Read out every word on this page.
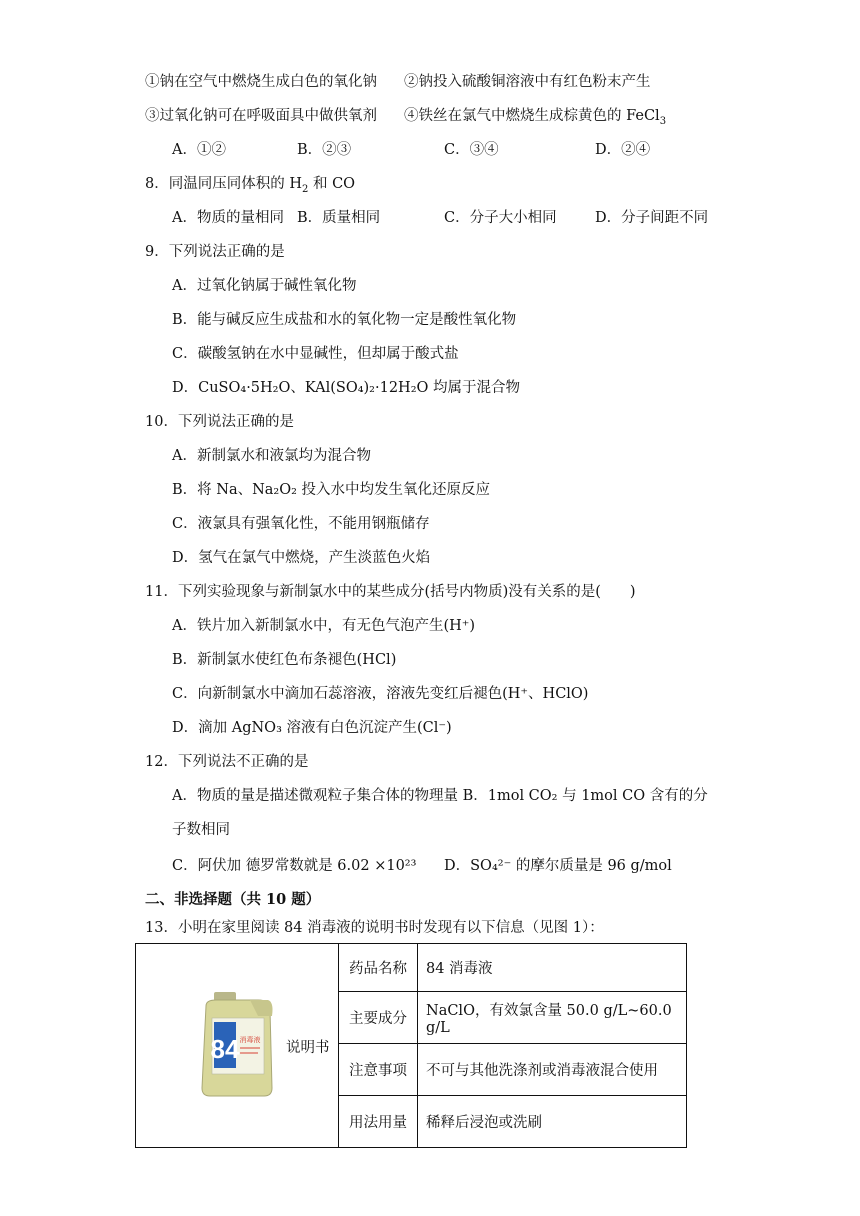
①钠在空气中燃烧生成白色的氧化钠 ②钠投入硫酸铜溶液中有红色粉末产生
③过氧化钠可在呼吸面具中做供氧剂 ④铁丝在氯气中燃烧生成棕黄色的 FeCl$_3$
A．①②	B．②③	C．③④	D．②④
8．同温同压同体积的 $H_2$ 和 CO
A．物质的量相同 B．质量相同	C．分子大小相同	D．分子间距不同
9．下列说法正确的是
A．过氧化钠属于碱性氧化物
B．能与碱反应生成盐和水的氧化物一定是酸性氧化物
C．碳酸氢钠在水中显碱性，但却属于酸式盐
D．CuSO₄·5H₂O、KAl(SO₄)₂·12H₂O 均属于混合物
10．下列说法正确的是
A．新制氯水和液氯均为混合物
B．将 Na、Na₂O₂ 投入水中均发生氧化还原反应
C．液氯具有强氧化性，不能用钢瓶储存
D．氢气在氯气中燃烧，产生淡蓝色火焰
11．下列实验现象与新制氯水中的某些成分(括号内物质)没有关系的是(　　)
A．铁片加入新制氯水中，有无色气泡产生(H⁺)
B．新制氯水使红色布条褪色(HCl)
C．向新制氯水中滴加石蕊溶液，溶液先变红后褪色(H⁺、HClO)
D．滴加 AgNO₃ 溶液有白色沉淀产生(Cl⁻)
12．下列说法不正确的是
A．物质的量是描述微观粒子集合体的物理量 B．1mol CO₂ 与 1mol CO 含有的分
子数相同
C．阿伏加 德罗常数就是 6.02 ×10²³ D．SO₄²⁻ 的摩尔质量是 96 g/mol
二、非选择题（共 10 题）
13．小明在家里阅读 84 消毒液的说明书时发现有以下信息（见图 1）：
84 消毒液 说明书	药品名称	84 消毒液
	主要成分	NaClO，有效氯含量 50.0 g/L~60.0 g/L
	注意事项	不可与其他洗涤剂或消毒液混合使用
	用法用量	稀释后浸泡或洗刷
